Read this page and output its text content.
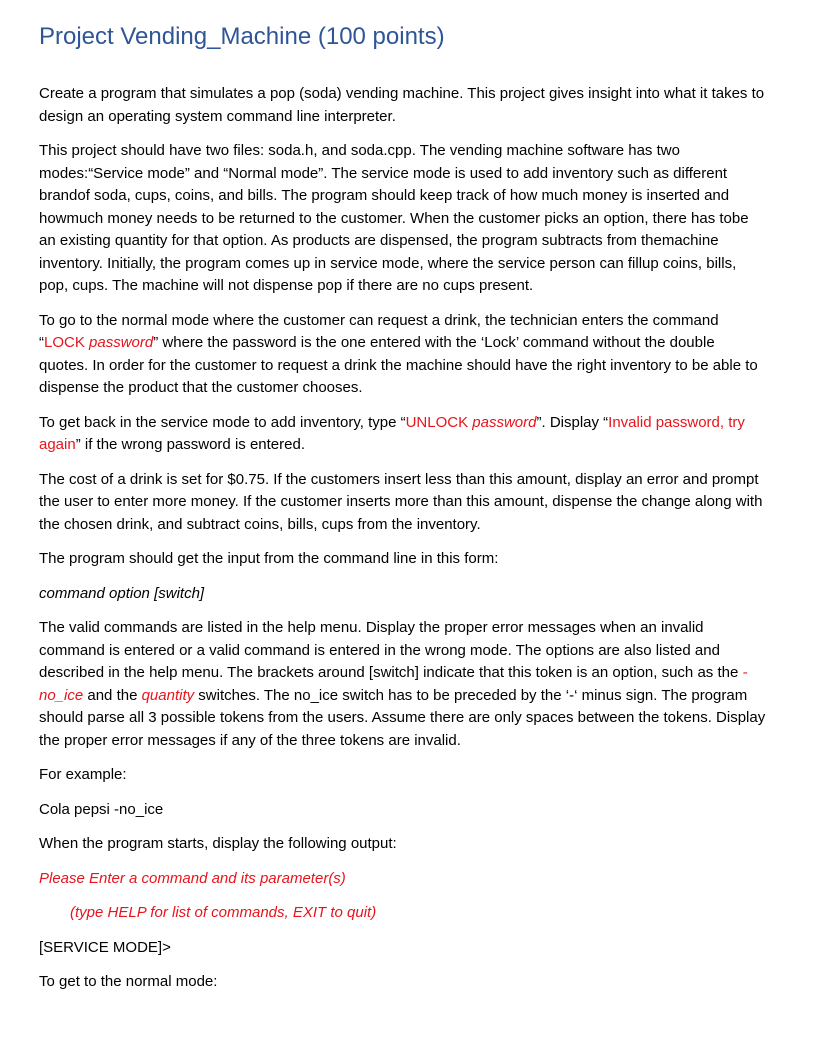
Project Vending_Machine (100 points)

Create a program that simulates a pop (soda) vending machine. This project gives insight into what it takes to design an operating system command line interpreter.

This project should have two files: soda.h, and soda.cpp. The vending machine software has two modes:“Service mode” and “Normal mode”. The service mode is used to add inventory such as different brandof soda, cups, coins, and bills. The program should keep track of how much money is inserted and howmuch money needs to be returned to the customer. When the customer picks an option, there has tobe an existing quantity for that option. As products are dispensed, the program subtracts from themachine inventory. Initially, the program comes up in service mode, where the service person can fillup coins, bills, pop, cups. The machine will not dispense pop if there are no cups present.

To go to the normal mode where the customer can request a drink, the technician enters the command “LOCK password” where the password is the one entered with the ‘Lock’ command without the double quotes. In order for the customer to request a drink the machine should have the right inventory to be able to dispense the product that the customer chooses.

To get back in the service mode to add inventory, type “UNLOCK password”. Display “Invalid password, try again” if the wrong password is entered.

The cost of a drink is set for $0.75. If the customers insert less than this amount, display an error and prompt the user to enter more money. If the customer inserts more than this amount, dispense the change along with the chosen drink, and subtract coins, bills, cups from the inventory.

The program should get the input from the command line in this form:

command option [switch]

The valid commands are listed in the help menu. Display the proper error messages when an invalid command is entered or a valid command is entered in the wrong mode. The options are also listed and described in the help menu. The brackets around [switch] indicate that this token is an option, such as the -no_ice and the quantity switches. The no_ice switch has to be preceded by the ‘-‘ minus sign. The program should parse all 3 possible tokens from the users. Assume there are only spaces between the tokens. Display the proper error messages if any of the three tokens are invalid.

For example:

Cola pepsi -no_ice

When the program starts, display the following output:

Please Enter a command and its parameter(s)

(type HELP for list of commands, EXIT to quit)

[SERVICE MODE]>

To get to the normal mode:
